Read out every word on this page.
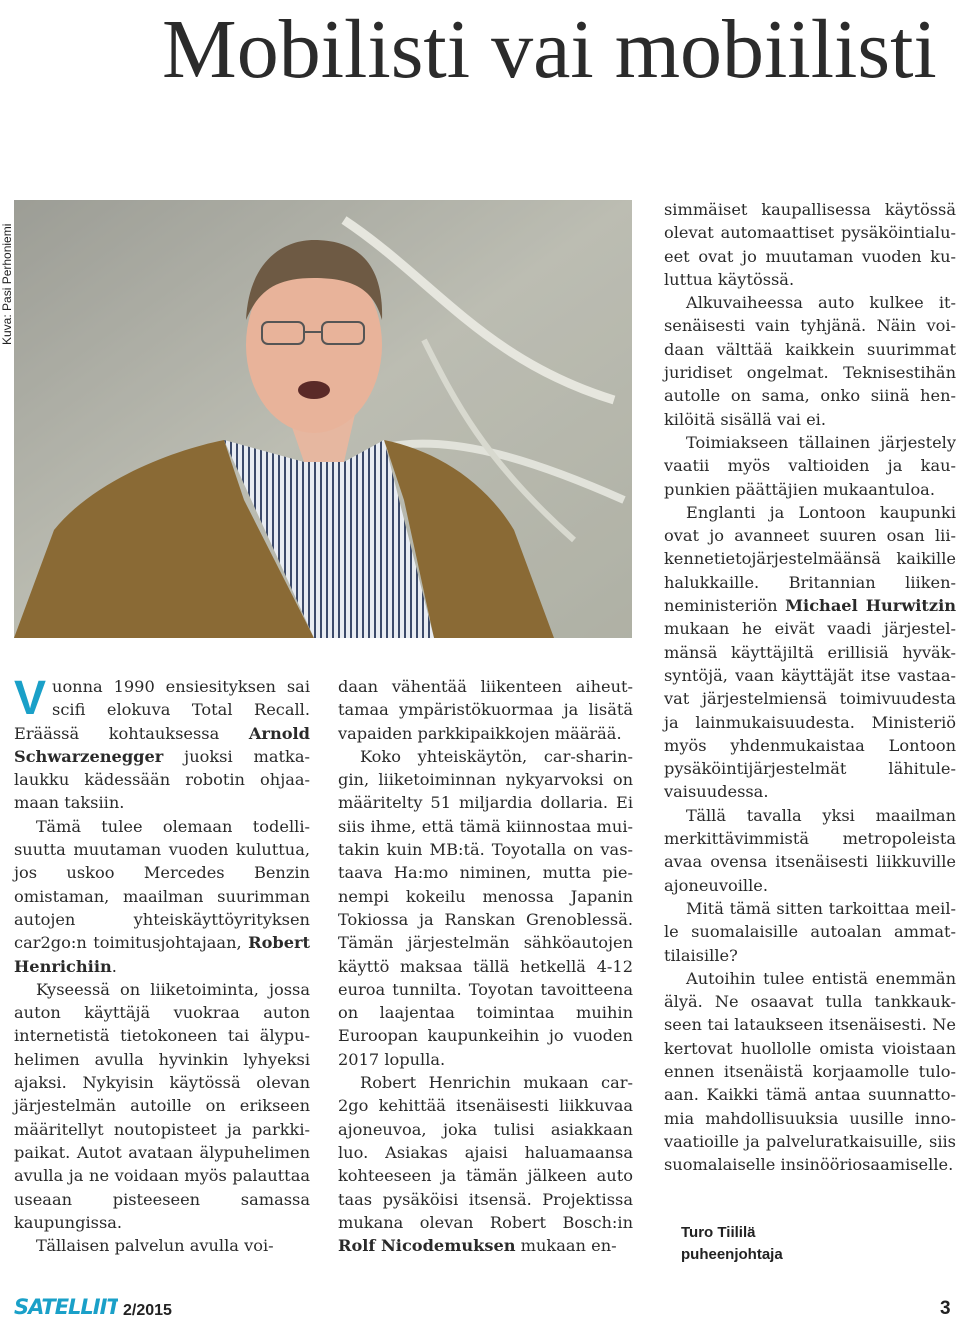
Mobilisti vai mobiilisti
Kuva: Pasi Perhoniemi

Vuonna 1990 ensiesityksen sai scifi elokuva Total Recall. Eräässä kohtauksessa Arnold Schwarzenegger juoksi matkalaukku kädessään robotin ohjaamaan taksiin.

Tämä tulee olemaan todellisuutta muutaman vuoden kuluttua, jos uskoo Mercedes Benzin omistaman, maailman suurimman autojen yhteiskäyttöyrityksen car2go:n toimitusjohtajaan, Robert Henrichiin.

Kyseessä on liiketoiminta, jossa auton käyttäjä vuokraa auton internetistä tietokoneen tai älypuhelimen avulla hyvinkin lyhyeksi ajaksi. Nykyisin käytössä olevan järjestelmän autoille on erikseen määritellyt noutopisteet ja parkkipaikat. Autot avataan älypuhelimen avulla ja ne voidaan myös palauttaa useaan pisteeseen samassa kaupungissa.

Tällaisen palvelun avulla voi-

daan vähentää liikenteen aiheuttamaa ympäristökuormaa ja lisätä vapaiden parkkipaikkojen määrää.

Koko yhteiskäytön, car-sharingin, liiketoiminnan nykyarvoksi on määritelty 51 miljardia dollaria. Ei siis ihme, että tämä kiinnostaa muitakin kuin MB:tä. Toyotalla on vastaava Ha:mo niminen, mutta pienempi kokeilu menossa Japanin Tokiossa ja Ranskan Grenoblessä. Tämän järjestelmän sähköautojen käyttö maksaa tällä hetkellä 4-12 euroa tunnilta. Toyotan tavoitteena on laajentaa toimintaa muihin Euroopan kaupunkeihin jo vuoden 2017 lopulla.

Robert Henrichin mukaan car2go kehittää itsenäisesti liikkuvaa ajoneuvoa, joka tulisi asiakkaan luo. Asiakas ajaisi haluamaansa kohteeseen ja tämän jälkeen auto taas pysäköisi itsensä. Projektissa mukana olevan Robert Bosch:in Rolf Nicodemuksen mukaan en-

simmäiset kaupallisessa käytössä olevat automaattiset pysäköintialueet ovat jo muutaman vuoden kuluttua käytössä.

Alkuvaiheessa auto kulkee itsenäisesti vain tyhjänä. Näin voidaan välttää kaikkein suurimmat juridiset ongelmat. Teknisestihän autolle on sama, onko siinä henkilöitä sisällä vai ei.

Toimiakseen tällainen järjestely vaatii myös valtioiden ja kaupunkien päättäjien mukaantuloa.

Englanti ja Lontoon kaupunki ovat jo avanneet suuren osan liikennetietojärjestelmäänsä kaikille halukkaille. Britannian liikenneministeriön Michael Hurwitzin mukaan he eivät vaadi järjestelmänsä käyttäjiltä erillisiä hyväksyntöjä, vaan käyttäjät itse vastaavat järjestelmiensä toimivuudesta ja lainmukaisuudesta. Ministeriö myös yhdenmukaistaa Lontoon pysäköintijärjestelmät lähitulevaisuudessa.

Tällä tavalla yksi maailman merkittävimmistä metropoleista avaa ovensa itsenäisesti liikkuville ajoneuvoille.

Mitä tämä sitten tarkoittaa meille suomalaisille autoalan ammattilaisille?

Autoihin tulee entistä enemmän älyä. Ne osaavat tulla tankkaukseen tai lataukseen itsenäisesti. Ne kertovat huollolle omista vioistaan ennen itsenäistä korjaamolle tuloaan. Kaikki tämä antaa suunnattomia mahdollisuuksia uusille innovaatioille ja palveluratkaisuille, siis suomalaiselle insinööriosaamiselle.

Turo Tiililä
puheenjohtaja
SATELLII	2/2015	3
